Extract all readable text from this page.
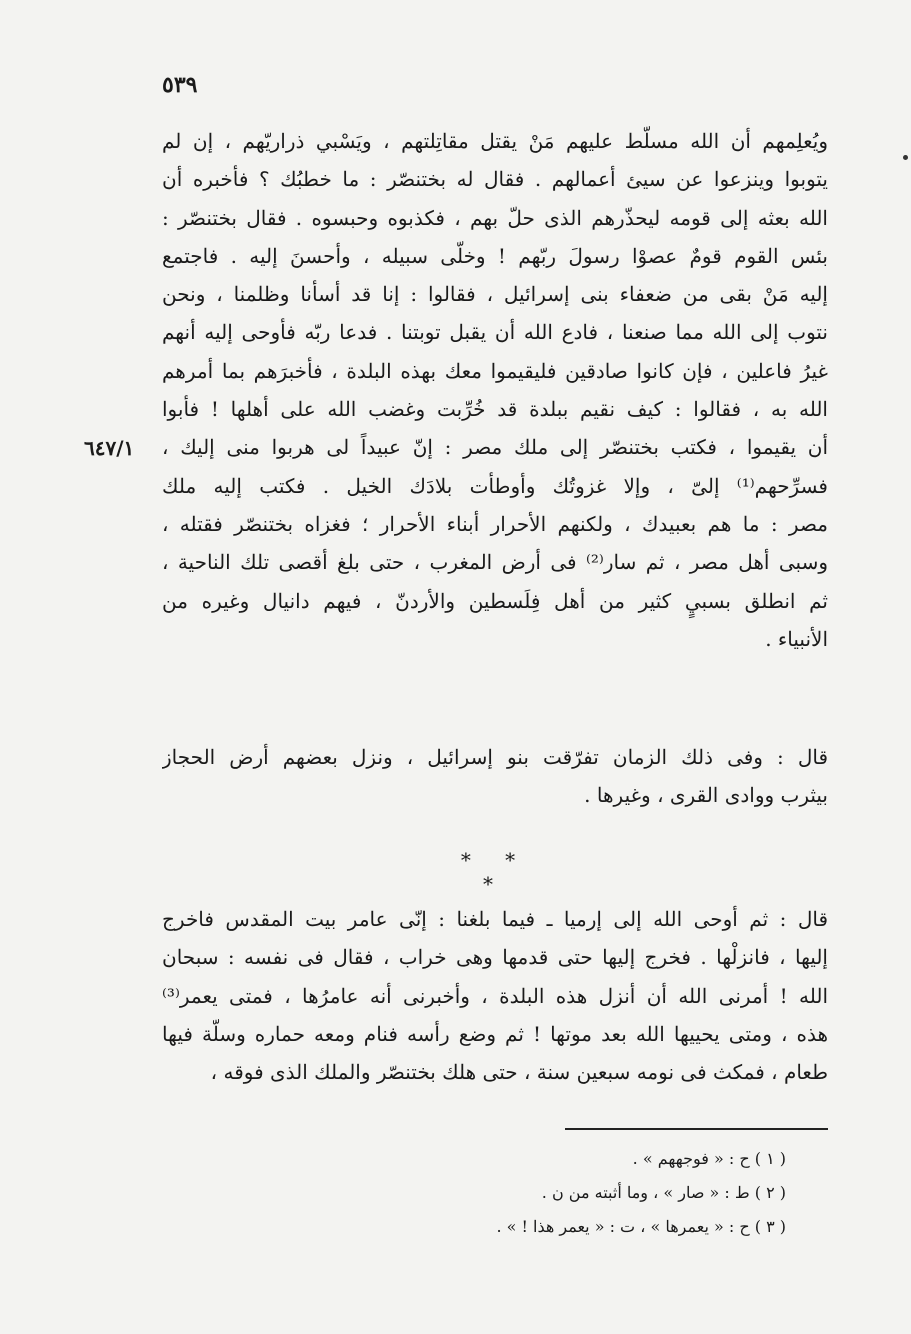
٥٣٩
٦٤٧/١
ويُعلِمهم أن الله مسلّط عليهم مَنْ يقتل مقاتِلتهم ، ويَسْبي ذراريّهم ، إن لم
يتوبوا وينزعوا عن سيئ أعمالهم . فقال له بختنصّر : ما خطبُك ؟ فأخبره أن
الله بعثه إلى قومه ليحذّرهم الذى حلّ بهم ، فكذبوه وحبسوه . فقال بختنصّر :
بئس القوم قومٌ عصوْا رسولَ ربّهم ! وخلّى سبيله ، وأحسنَ إليه . فاجتمع
إليه مَنْ بقى من ضعفاء بنى إسرائيل ، فقالوا : إنا قد أسأنا وظلمنا ، ونحن
نتوب إلى الله مما صنعنا ، فادع الله أن يقبل توبتنا . فدعا ربّه فأوحى إليه أنهم
غيرُ فاعلين ، فإن كانوا صادقين فليقيموا معك بهذه البلدة ، فأخبرَهم بما أمرهم
الله به ، فقالوا : كيف نقيم ببلدة قد خُرِّبت وغضب الله على أهلها ! فأبوا
أن يقيموا ، فكتب بختنصّر إلى ملك مصر : إنّ عبيداً لى هربوا منى إليك ،
فسرِّحهم⁽¹⁾ إلىّ ، وإلا غزوتُك وأوطأت بلادَك الخيل . فكتب إليه ملك
مصر : ما هم بعبيدك ، ولكنهم الأحرار أبناء الأحرار ؛ فغزاه بختنصّر فقتله ،
وسبى أهل مصر ، ثم سار⁽²⁾ فى أرض المغرب ، حتى بلغ أقصى تلك الناحية ،
ثم انطلق بسبيٍ كثير من أهل فِلَسطين والأردنّ ، فيهم دانيال وغيره من
الأنبياء .
قال : وفى ذلك الزمان تفرّقت بنو إسرائيل ، ونزل بعضهم أرض الحجاز
بيثرب ووادى القرى ، وغيرها .
* * *
قال : ثم أوحى الله إلى إرميا ـ فيما بلغنا : إنّى عامر بيت المقدس فاخرج
إليها ، فانزلْها . فخرج إليها حتى قدمها وهى خراب ، فقال فى نفسه : سبحان
الله ! أمرنى الله أن أنزل هذه البلدة ، وأخبرنى أنه عامرُها ، فمتى يعمر⁽³⁾
هذه ، ومتى يحييها الله بعد موتها ! ثم وضع رأسه فنام ومعه حماره وسلّة فيها
طعام ، فمكث فى نومه سبعين سنة ، حتى هلك بختنصّر والملك الذى فوقه ،
( ١ ) ح : « فوجههم » .
( ٢ ) ط : « صار » ، وما أثبته من ن .
( ٣ ) ح : « يعمرها » ، ت : « يعمر هذا ! » .
